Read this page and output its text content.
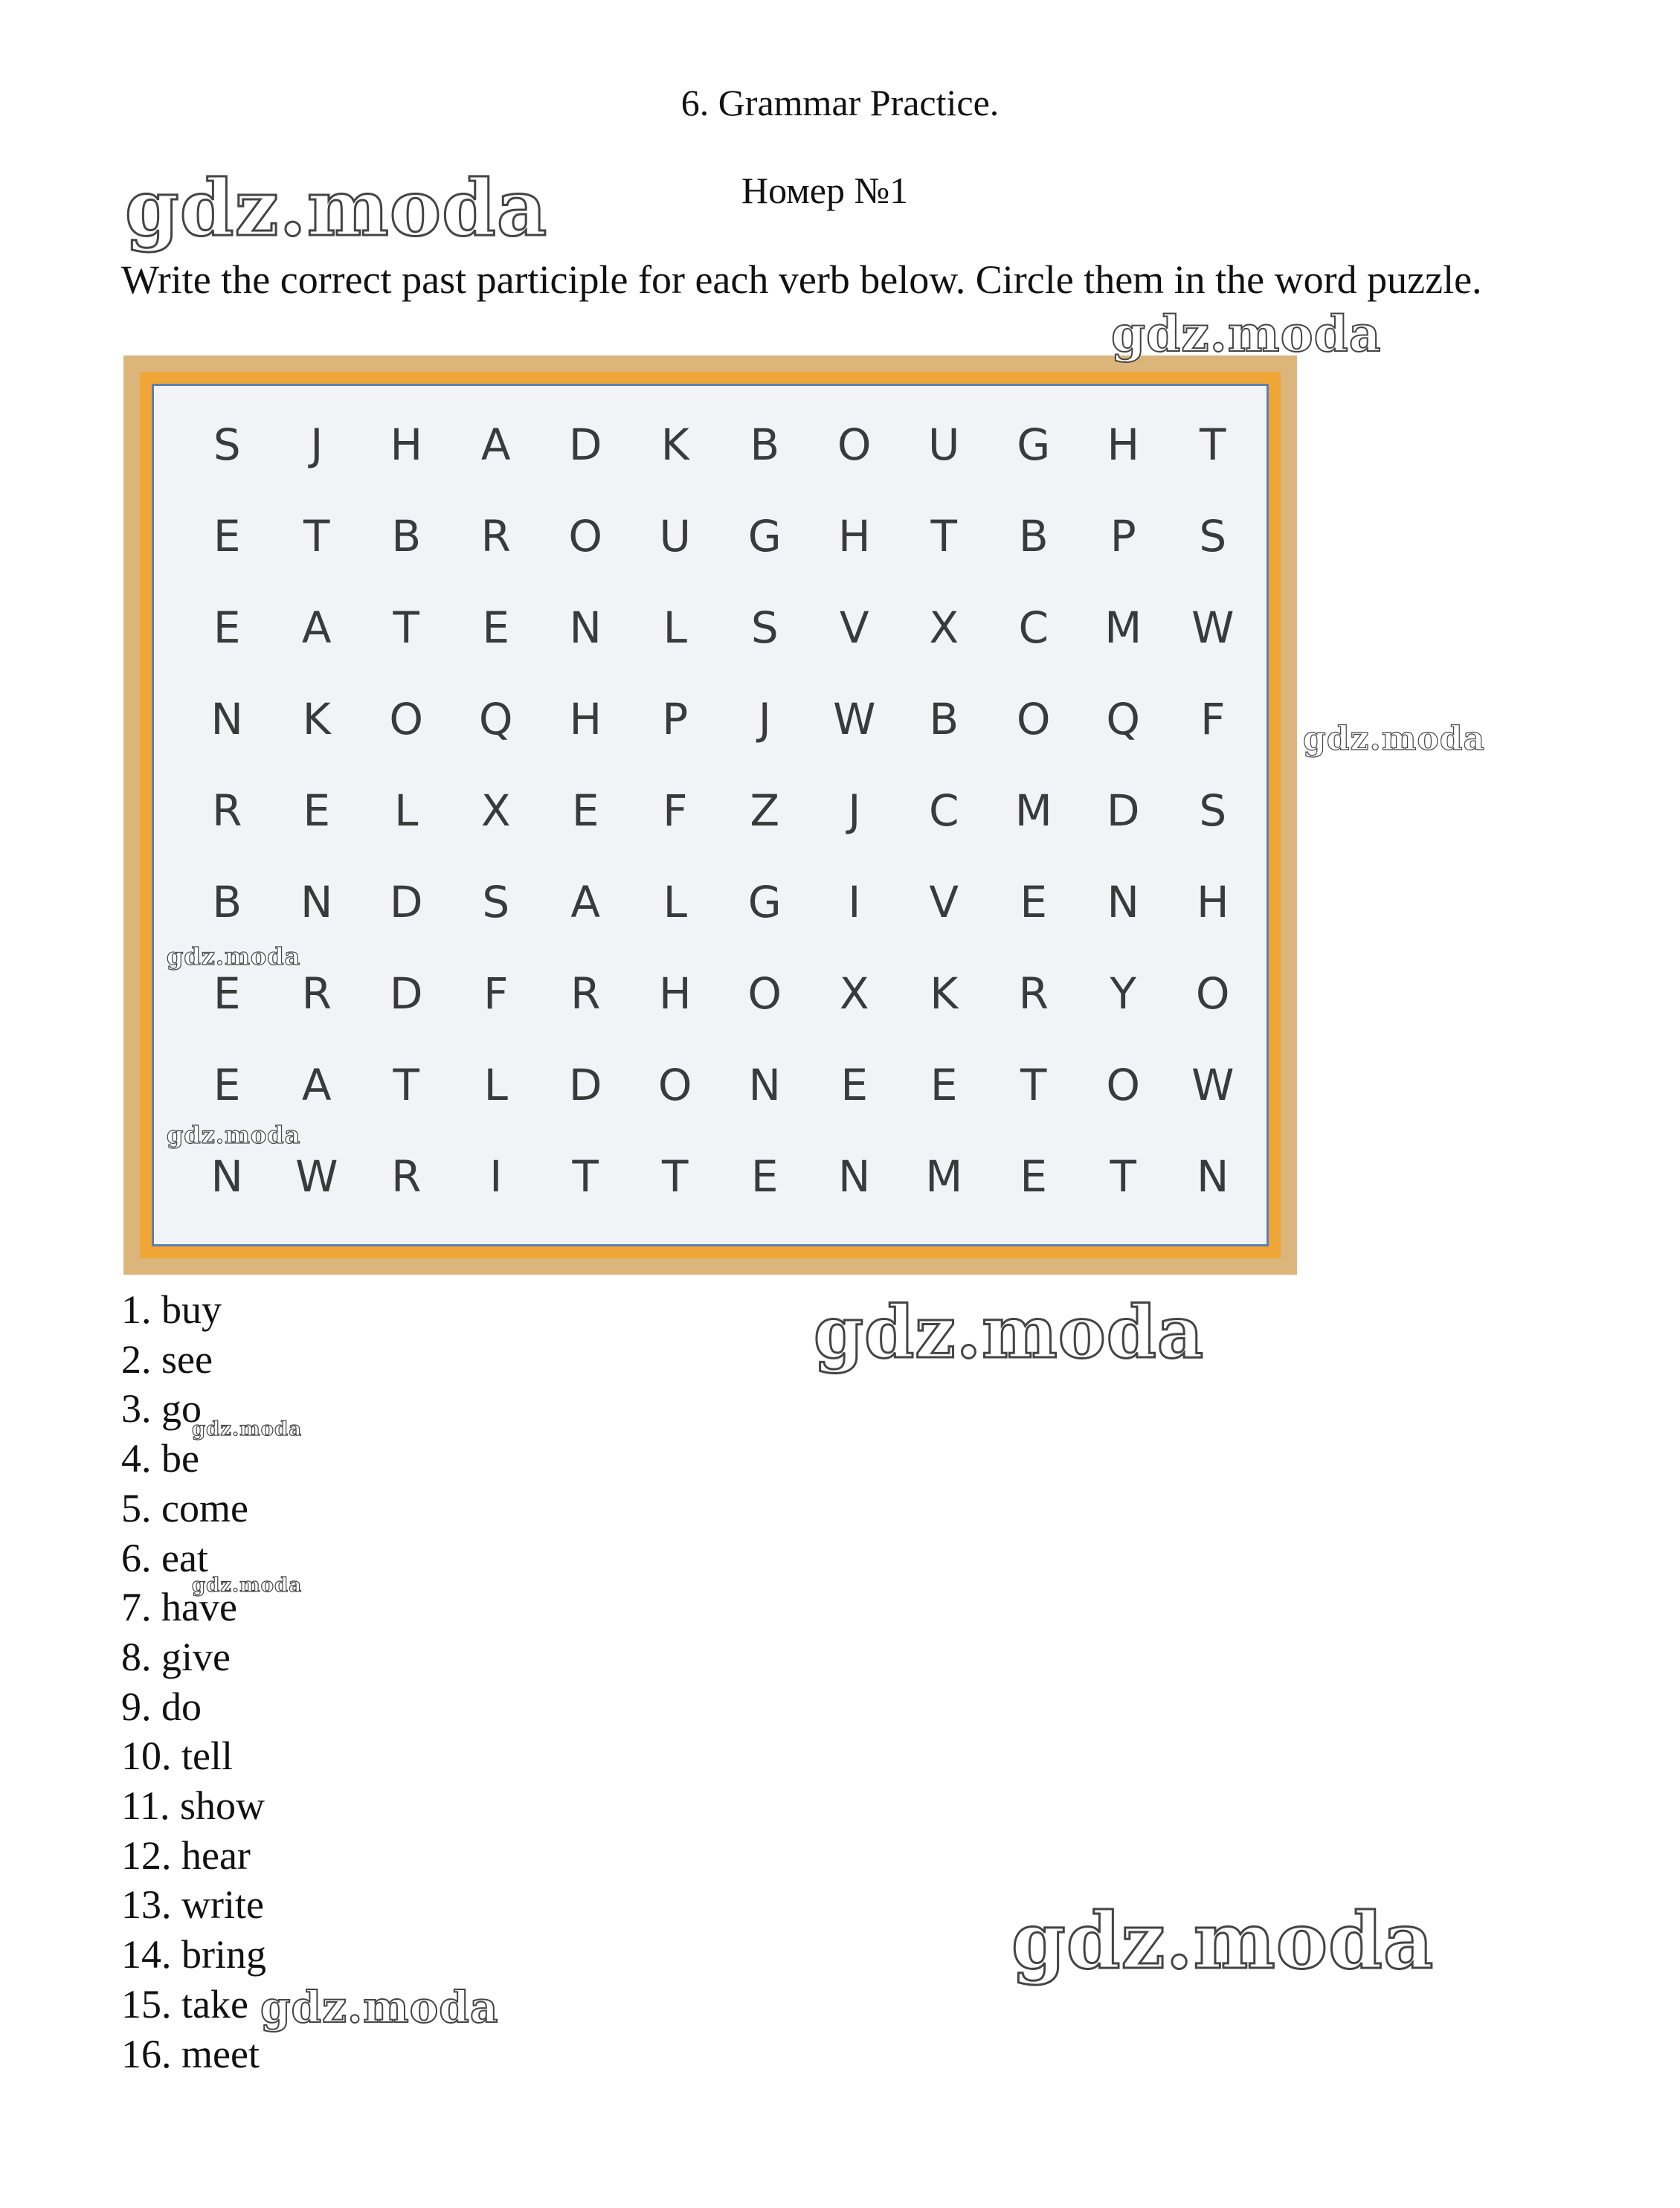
6. Grammar Practice.
Номер №1
Write the correct past participle for each verb below. Circle them in the word puzzle.
S	J	H	A	D	K	B	O	U	G	H	T
E	T	B	R	O	U	G	H	T	B	P	S
E	A	T	E	N	L	S	V	X	C	M	W
N	K	O	Q	H	P	J	W	B	O	Q	F
R	E	L	X	E	F	Z	J	C	M	D	S
B	N	D	S	A	L	G	I	V	E	N	H
E	R	D	F	R	H	O	X	K	R	Y	O
E	A	T	L	D	O	N	E	E	T	O	W
N	W	R	I	T	T	E	N	M	E	T	N
1. buy
2. see
3. go
4. be
5. come
6. eat
7. have
8. give
9. do
10. tell
11. show
12. hear
13. write
14. bring
15. take
16. meet
gdz.moda
gdz.moda
gdz.moda
gdz.moda
gdz.moda
gdz.moda
gdz.moda
gdz.moda
gdz.moda
gdz.moda
